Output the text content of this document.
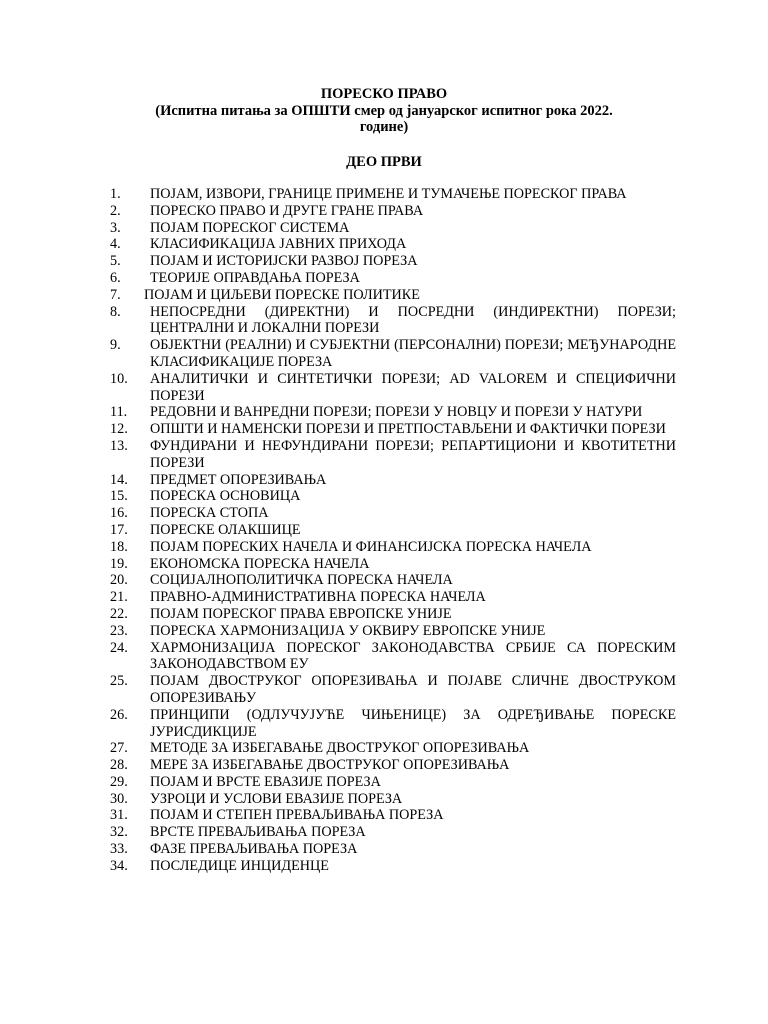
ПОРЕСКО ПРАВО
(Испитна питања за ОПШТИ смер од јануарског испитног рока 2022.
године)
ДЕО ПРВИ
1.	ПОЈАМ, ИЗВОРИ, ГРАНИЦЕ ПРИМЕНЕ И ТУМАЧЕЊЕ ПОРЕСКОГ ПРАВА
2.	ПОРЕСКО ПРАВО И ДРУГЕ ГРАНЕ ПРАВА
3.	ПОЈАМ ПОРЕСКОГ СИСТЕМА
4.	КЛАСИФИКАЦИЈА ЈАВНИХ ПРИХОДА
5.	ПОЈАМ И ИСТОРИЈСКИ РАЗВОЈ ПОРЕЗА
6.	ТЕОРИЈЕ ОПРАВДАЊА ПОРЕЗА
7. ПОЈАМ И ЦИЉЕВИ ПОРЕСКЕ ПОЛИТИКЕ
8.	НЕПОСРЕДНИ (ДИРЕКТНИ) И ПОСРЕДНИ (ИНДИРЕКТНИ) ПОРЕЗИ; ЦЕНТРАЛНИ И ЛОКАЛНИ ПОРЕЗИ
9.	ОБЈЕКТНИ (РЕАЛНИ) И СУБЈЕКТНИ (ПЕРСОНАЛНИ) ПОРЕЗИ; МЕЂУНАРОДНЕ КЛАСИФИКАЦИЈЕ ПОРЕЗА
10.	АНАЛИТИЧКИ И СИНТЕТИЧКИ ПОРЕЗИ; AD VALOREM И СПЕЦИФИЧНИ ПОРЕЗИ
11.	РЕДОВНИ И ВАНРЕДНИ ПОРЕЗИ; ПОРЕЗИ У НОВЦУ И ПОРЕЗИ У НАТУРИ
12.	ОПШТИ И НАМЕНСКИ ПОРЕЗИ И ПРЕТПОСТАВЉЕНИ И ФАКТИЧКИ ПОРЕЗИ
13.	ФУНДИРАНИ И НЕФУНДИРАНИ ПОРЕЗИ; РЕПАРТИЦИОНИ И КВОТИТЕТНИ ПОРЕЗИ
14.	ПРЕДМЕТ ОПОРЕЗИВАЊА
15.	ПОРЕСКА ОСНОВИЦА
16.	ПОРЕСКА СТОПА
17.	ПОРЕСКЕ ОЛАКШИЦЕ
18.	ПОЈАМ ПОРЕСКИХ НАЧЕЛА И ФИНАНСИЈСКА ПОРЕСКА НАЧЕЛА
19.	ЕКОНОМСКА ПОРЕСКА НАЧЕЛА
20.	СОЦИЈАЛНОПОЛИТИЧКА ПОРЕСКА НАЧЕЛА
21.	ПРАВНО-АДМИНИСТРАТИВНА ПОРЕСКА НАЧЕЛА
22.	ПОЈАМ ПОРЕСКОГ ПРАВА ЕВРОПСКЕ УНИЈЕ
23.	ПОРЕСКА ХАРМОНИЗАЦИЈА У ОКВИРУ ЕВРОПСКЕ УНИЈЕ
24.	ХАРМОНИЗАЦИЈА ПОРЕСКОГ ЗАКОНОДАВСТВА СРБИЈЕ СА ПОРЕСКИМ ЗАКОНОДАВСТВОМ ЕУ
25.	ПОЈАМ ДВОСТРУКОГ ОПОРЕЗИВАЊА И ПОЈАВЕ СЛИЧНЕ ДВОСТРУКОМ ОПОРЕЗИВАЊУ
26.	ПРИНЦИПИ (ОДЛУЧУЈУЋЕ ЧИЊЕНИЦЕ) ЗА ОДРЕЂИВАЊЕ ПОРЕСКЕ ЈУРИСДИКЦИЈЕ
27.	МЕТОДЕ ЗА ИЗБЕГАВАЊЕ ДВОСТРУКОГ ОПОРЕЗИВАЊА
28.	МЕРЕ ЗА ИЗБЕГАВАЊЕ ДВОСТРУКОГ ОПОРЕЗИВАЊА
29.	ПОЈАМ И ВРСТЕ ЕВАЗИЈЕ ПОРЕЗА
30.	УЗРОЦИ И УСЛОВИ ЕВАЗИЈЕ ПОРЕЗА
31.	ПОЈАМ И СТЕПЕН ПРЕВАЉИВАЊА ПОРЕЗА
32.	ВРСТЕ ПРЕВАЉИВАЊА ПОРЕЗА
33.	ФАЗЕ ПРЕВАЉИВАЊА ПОРЕЗА
34.	ПОСЛЕДИЦЕ ИНЦИДЕНЦЕ
